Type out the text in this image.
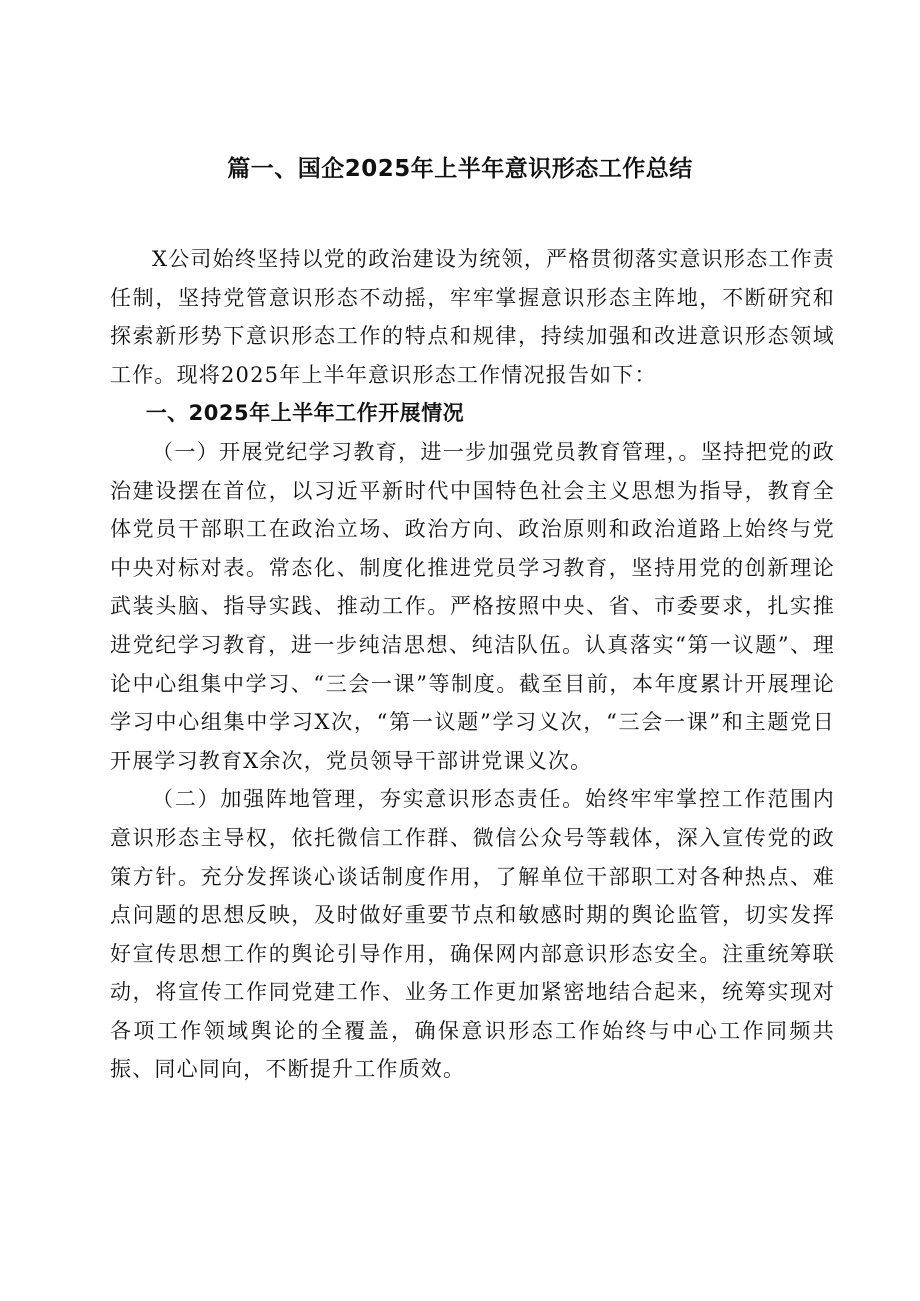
篇一、国企2025年上半年意识形态工作总结

X公司始终坚持以党的政治建设为统领，严格贯彻落实意识形态工作责任制，坚持党管意识形态不动摇，牢牢掌握意识形态主阵地，不断研究和探索新形势下意识形态工作的特点和规律，持续加强和改进意识形态领域工作。现将2025年上半年意识形态工作情况报告如下：

一、2025年上半年工作开展情况

（一）开展党纪学习教育，进一步加强党员教育管理，。坚持把党的政治建设摆在首位，以习近平新时代中国特色社会主义思想为指导，教育全体党员干部职工在政治立场、政治方向、政治原则和政治道路上始终与党中央对标对表。常态化、制度化推进党员学习教育，坚持用党的创新理论武装头脑、指导实践、推动工作。严格按照中央、省、市委要求，扎实推进党纪学习教育，进一步纯洁思想、纯洁队伍。认真落实“第一议题”、理论中心组集中学习、“三会一课”等制度。截至目前，本年度累计开展理论学习中心组集中学习X次，“第一议题”学习义次，“三会一课”和主题党日开展学习教育X余次，党员领导干部讲党课义次。

（二）加强阵地管理，夯实意识形态责任。始终牢牢掌控工作范围内意识形态主导权，依托微信工作群、微信公众号等载体，深入宣传党的政策方针。充分发挥谈心谈话制度作用，了解单位干部职工对各种热点、难点问题的思想反映，及时做好重要节点和敏感时期的舆论监管，切实发挥好宣传思想工作的舆论引导作用，确保网内部意识形态安全。注重统筹联动，将宣传工作同党建工作、业务工作更加紧密地结合起来，统筹实现对各项工作领域舆论的全覆盖，确保意识形态工作始终与中心工作同频共振、同心同向，不断提升工作质效。
